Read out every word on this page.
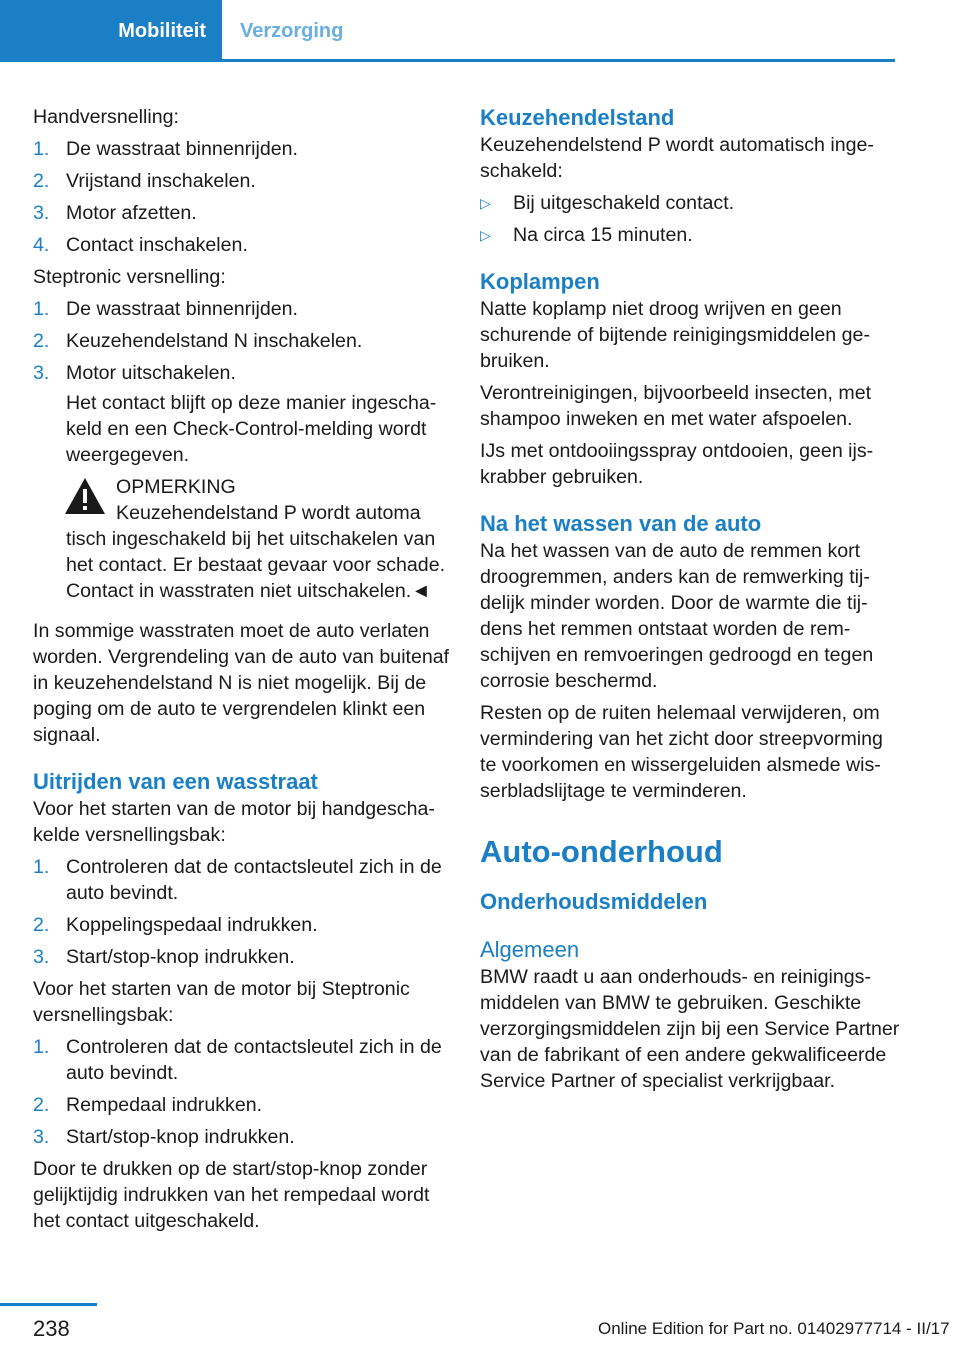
Mobiliteit	Verzorging

Handversnelling:

1. De wasstraat binnenrijden.
2. Vrijstand inschakelen.
3. Motor afzetten.
4. Contact inschakelen.

Steptronic versnelling:

1. De wasstraat binnenrijden.
2. Keuzehendelstand N inschakelen.
3. Motor uitschakelen.
Het contact blijft op deze manier ingeschakeld en een Check-Control-melding wordt weergegeven.
OPMERKING
Keuzehendelstand P wordt automa
tisch ingeschakeld bij het uitschakelen van het contact. Er bestaat gevaar voor schade. Contact in wasstraten niet uitschakelen.◄

In sommige wasstraten moet de auto verlaten worden. Vergrendeling van de auto van buitenaf in keuzehendelstand N is niet mogelijk. Bij de poging om de auto te vergrendelen klinkt een signaal.

Uitrijden van een wasstraat

Voor het starten van de motor bij handgeschakelde versnellingsbak:

1. Controleren dat de contactsleutel zich in de auto bevindt.
2. Koppelingspedaal indrukken.
3. Start/stop-knop indrukken.

Voor het starten van de motor bij Steptronic versnellingsbak:

1. Controleren dat de contactsleutel zich in de auto bevindt.
2. Rempedaal indrukken.
3. Start/stop-knop indrukken.

Door te drukken op de start/stop-knop zonder gelijktijdig indrukken van het rempedaal wordt het contact uitgeschakeld.

Keuzehendelstand

Keuzehendelstend P wordt automatisch ingeschakeld:

▷ Bij uitgeschakeld contact.
▷ Na circa 15 minuten.
Koplampen

Natte koplamp niet droog wrijven en geen schurende of bijtende reinigingsmiddelen gebruiken.

Verontreinigingen, bijvoorbeeld insecten, met shampoo inweken en met water afspoelen.

IJs met ontdooiingsspray ontdooien, geen ijskrabber gebruiken.

Na het wassen van de auto

Na het wassen van de auto de remmen kort droogremmen, anders kan de remwerking tijdelijk minder worden. Door de warmte die tijdens het remmen ontstaat worden de remschijven en remvoeringen gedroogd en tegen corrosie beschermd.

Resten op de ruiten helemaal verwijderen, om vermindering van het zicht door streepvorming te voorkomen en wissergeluiden alsmede wisserbladslijtage te verminderen.

Auto-onderhoud
Onderhoudsmiddelen
Algemeen

BMW raadt u aan onderhouds- en reinigingsmiddelen van BMW te gebruiken. Geschikte verzorgingsmiddelen zijn bij een Service Partner van de fabrikant of een andere gekwalificeerde Service Partner of specialist verkrijgbaar.

238	Online Edition for Part no. 01402977714 - II/17
